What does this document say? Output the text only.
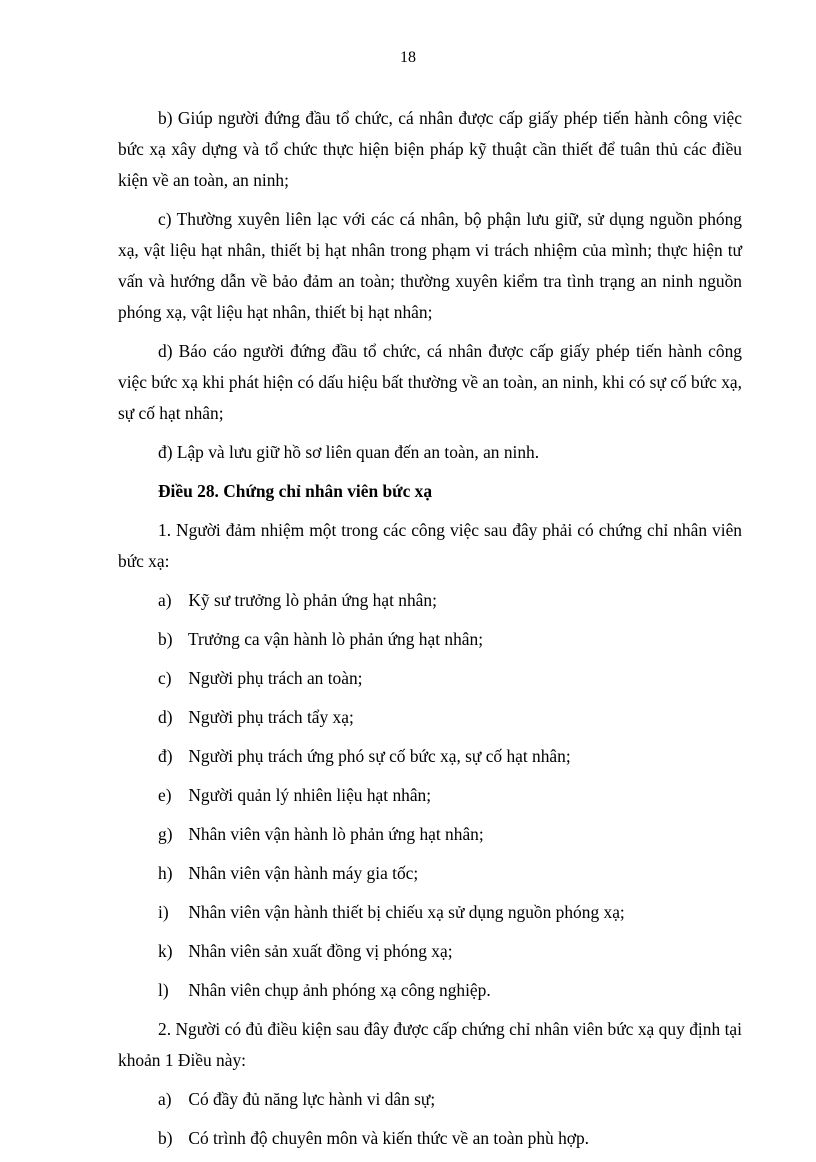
18

b) Giúp người đứng đầu tổ chức, cá nhân được cấp giấy phép tiến hành công việc bức xạ xây dựng và tổ chức thực hiện biện pháp kỹ thuật cần thiết để tuân thủ các điều kiện về an toàn, an ninh;

c) Thường xuyên liên lạc với các cá nhân, bộ phận lưu giữ, sử dụng nguồn phóng xạ, vật liệu hạt nhân, thiết bị hạt nhân trong phạm vi trách nhiệm của mình; thực hiện tư vấn và hướng dẫn về bảo đảm an toàn; thường xuyên kiểm tra tình trạng an ninh nguồn phóng xạ, vật liệu hạt nhân, thiết bị hạt nhân;

d) Báo cáo người đứng đầu tổ chức, cá nhân được cấp giấy phép tiến hành công việc bức xạ khi phát hiện có dấu hiệu bất thường về an toàn, an ninh, khi có sự cố bức xạ, sự cố hạt nhân;

đ) Lập và lưu giữ hồ sơ liên quan đến an toàn, an ninh.

Điều 28. Chứng chỉ nhân viên bức xạ

1. Người đảm nhiệm một trong các công việc sau đây phải có chứng chỉ nhân viên bức xạ:

a) Kỹ sư trưởng lò phản ứng hạt nhân;

b) Trưởng ca vận hành lò phản ứng hạt nhân;

c) Người phụ trách an toàn;

d) Người phụ trách tẩy xạ;

đ) Người phụ trách ứng phó sự cố bức xạ, sự cố hạt nhân;

e) Người quản lý nhiên liệu hạt nhân;

g) Nhân viên vận hành lò phản ứng hạt nhân;

h) Nhân viên vận hành máy gia tốc;

i) Nhân viên vận hành thiết bị chiếu xạ sử dụng nguồn phóng xạ;

k) Nhân viên sản xuất đồng vị phóng xạ;

l) Nhân viên chụp ảnh phóng xạ công nghiệp.

2. Người có đủ điều kiện sau đây được cấp chứng chỉ nhân viên bức xạ quy định tại khoản 1 Điều này:

a) Có đầy đủ năng lực hành vi dân sự;

b) Có trình độ chuyên môn và kiến thức về an toàn phù hợp.
